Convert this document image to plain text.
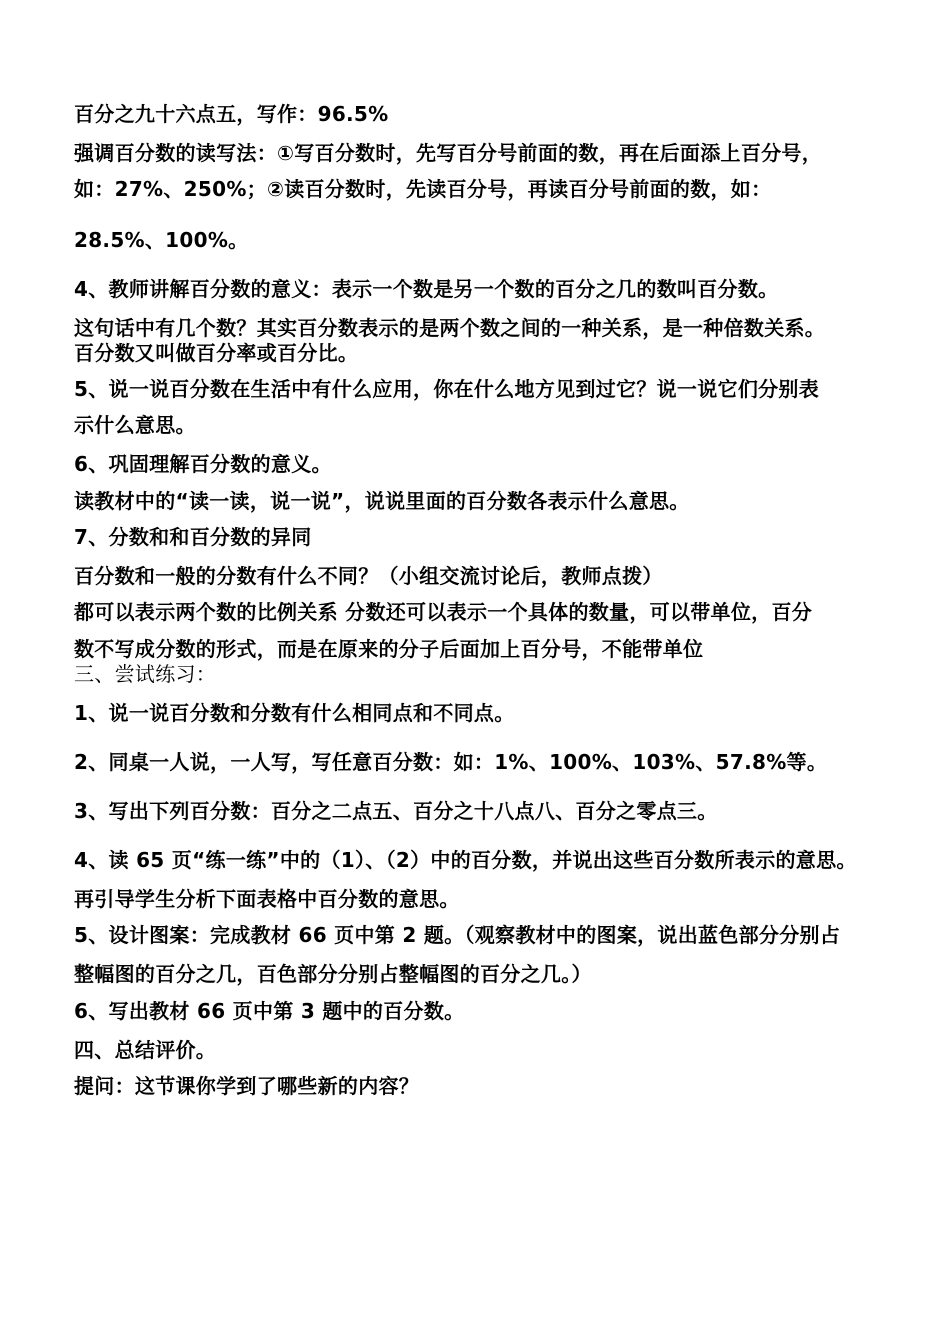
百分之九十六点五，写作：96.5%
强调百分数的读写法：①写百分数时，先写百分号前面的数，再在后面添上百分号，
如：27%、250%；②读百分数时，先读百分号，再读百分号前面的数，如：
28.5%、100%。
4、教师讲解百分数的意义：表示一个数是另一个数的百分之几的数叫百分数。
这句话中有几个数？其实百分数表示的是两个数之间的一种关系，是一种倍数关系。
百分数又叫做百分率或百分比。
5、说一说百分数在生活中有什么应用，你在什么地方见到过它？说一说它们分别表
示什么意思。
6、巩固理解百分数的意义。
读教材中的“读一读，说一说”，说说里面的百分数各表示什么意思。
7、分数和和百分数的异同
百分数和一般的分数有什么不同？（小组交流讨论后，教师点拨）
都可以表示两个数的比例关系 分数还可以表示一个具体的数量，可以带单位，百分
数不写成分数的形式，而是在原来的分子后面加上百分号，不能带单位
三、尝试练习：
1、说一说百分数和分数有什么相同点和不同点。
2、同桌一人说，一人写，写任意百分数：如：1%、100%、103%、57.8%等。
3、写出下列百分数：百分之二点五、百分之十八点八、百分之零点三。
4、读 65 页“练一练”中的（1）、（2）中的百分数，并说出这些百分数所表示的意思。
再引导学生分析下面表格中百分数的意思。
5、设计图案：完成教材 66 页中第 2 题。（观察教材中的图案，说出蓝色部分分别占
整幅图的百分之几，百色部分分别占整幅图的百分之几。）
6、写出教材 66 页中第 3 题中的百分数。
四、总结评价。
提问：这节课你学到了哪些新的内容？
